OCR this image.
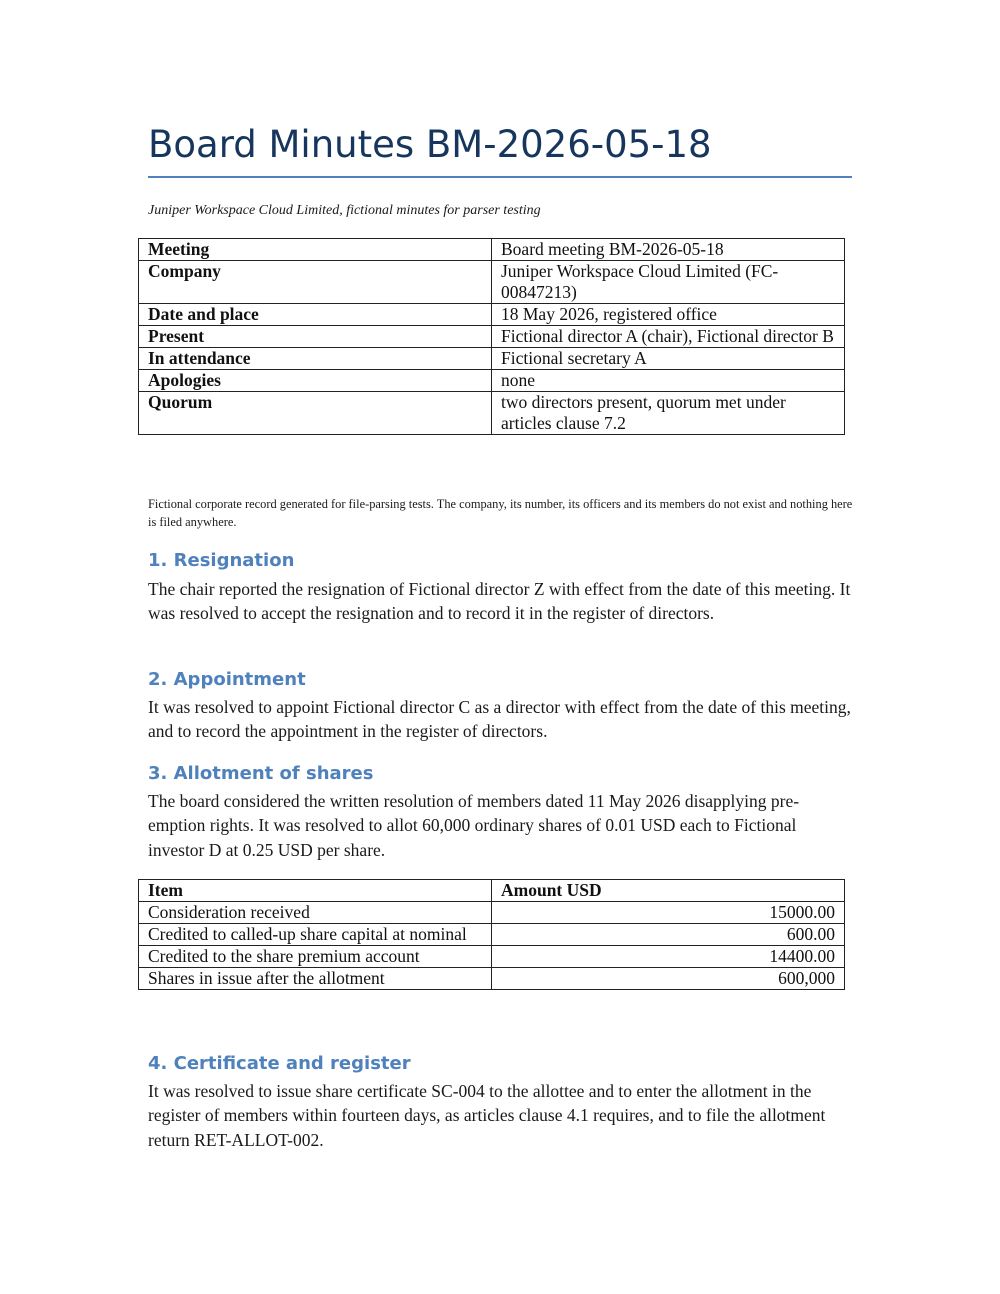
Board Minutes BM-2026-05-18
Juniper Workspace Cloud Limited, fictional minutes for parser testing
Meeting	Board meeting BM-2026-05-18
Company	Juniper Workspace Cloud Limited (FC-00847213)
Date and place	18 May 2026, registered office
Present	Fictional director A (chair), Fictional director B
In attendance	Fictional secretary A
Apologies	none
Quorum	two directors present, quorum met under articles clause 7.2
Fictional corporate record generated for file-parsing tests. The company, its number, its officers and its members do not exist and nothing here is filed anywhere.
1. Resignation

The chair reported the resignation of Fictional director Z with effect from the date of this meeting. It was resolved to accept the resignation and to record it in the register of directors.

2. Appointment

It was resolved to appoint Fictional director C as a director with effect from the date of this meeting, and to record the appointment in the register of directors.

3. Allotment of shares

The board considered the written resolution of members dated 11 May 2026 disapplying pre-emption rights. It was resolved to allot 60,000 ordinary shares of 0.01 USD each to Fictional investor D at 0.25 USD per share.

Item	Amount USD
Consideration received	15000.00
Credited to called-up share capital at nominal	600.00
Credited to the share premium account	14400.00
Shares in issue after the allotment	600,000
4. Certificate and register

It was resolved to issue share certificate SC-004 to the allottee and to enter the allotment in the register of members within fourteen days, as articles clause 4.1 requires, and to file the allotment return RET-ALLOT-002.
